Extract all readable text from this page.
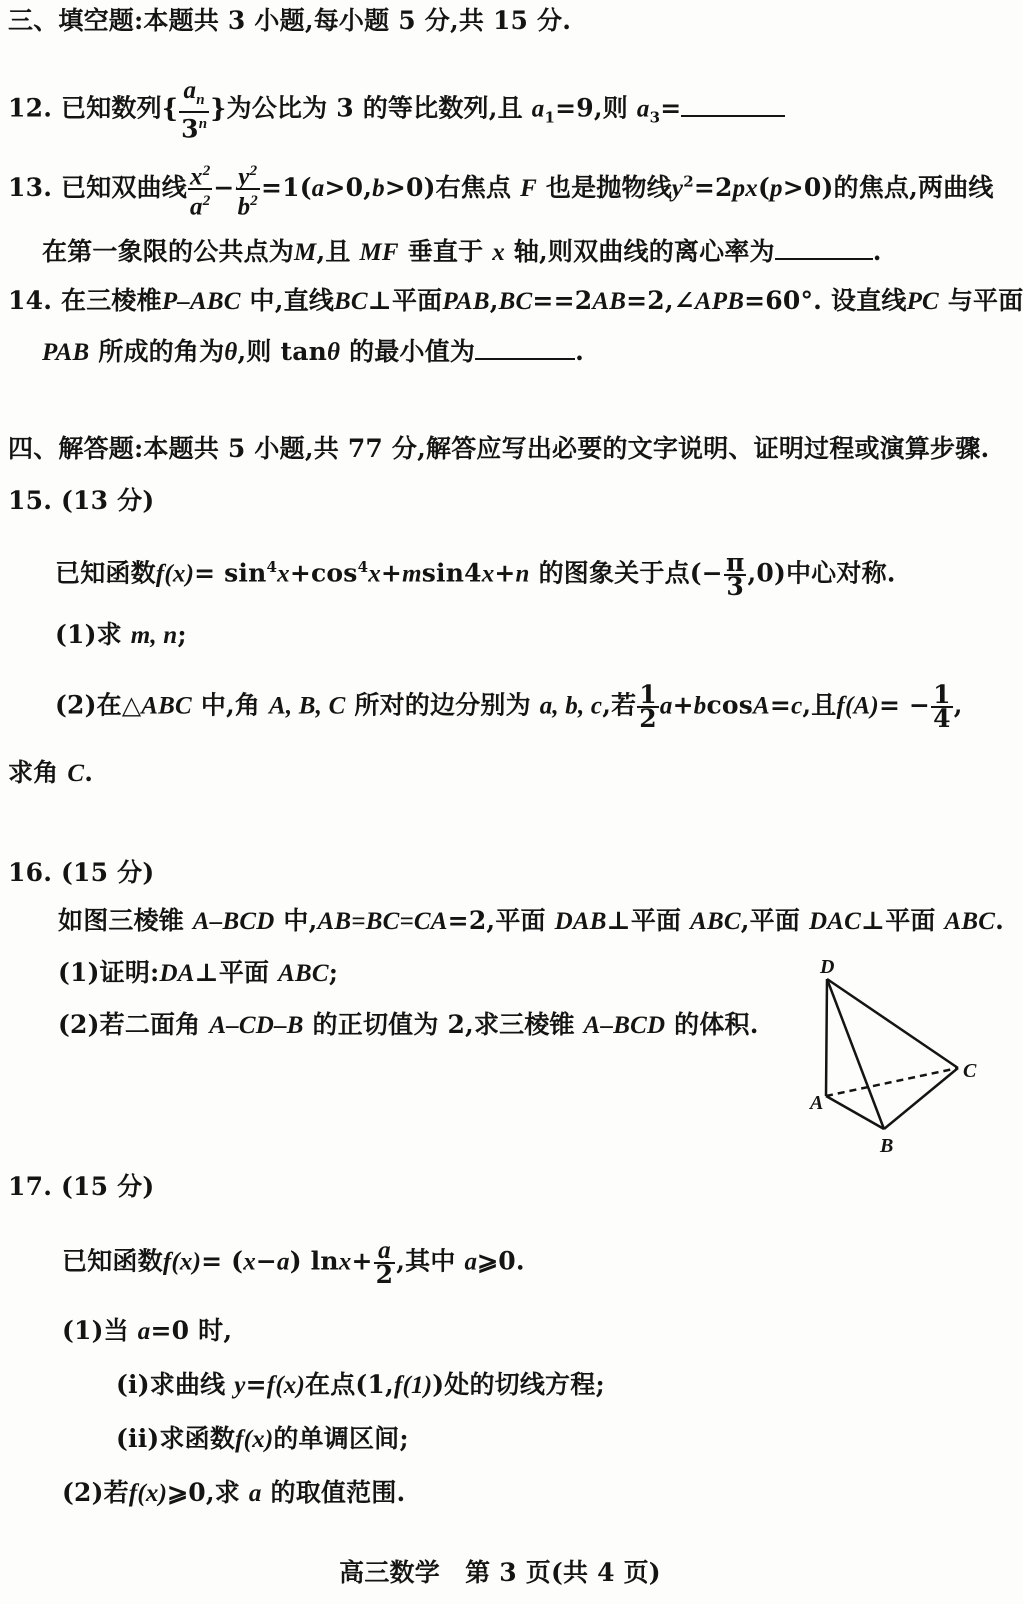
三、填空题:本题共 3 小题,每小题 5 分,共 15 分.
12. 已知数列{ $\frac{a_n}{3^n}$ }为公比为 3 的等比数列,且 $a_1=9$,则 $a_3=$
13. 已知双曲线 $\frac{x^2}{a^2} - \frac{y^2}{b^2} =1(a>0,b>0)$右焦点 F 也是抛物线$y^2=2px(p>0)$的焦点,两曲线
在第一象限的公共点为M,且 MF 垂直于 x 轴,则双曲线的离心率为	.
14. 在三棱椎P–ABC 中,直线BC⊥平面PAB,BC==2AB=2,∠APB=60°. 设直线PC 与平面
PAB 所成的角为θ,则 tanθ 的最小值为	.
四、解答题:本题共 5 小题,共 77 分,解答应写出必要的文字说明、证明过程或演算步骤.
15. (13 分)
已知函数$f(x)= \sin^4x+\cos^4x+msin4x+n$ 的图象关于点(− $\frac{\pi}{3} ,0$)中心对称.
(1)求 m, n;
(2)在△ABC 中,角 A, B, C 所对的边分别为 a, b, c,若 $\frac{1}{2} a+bcosA=c$,且$f(A)= - \frac{1}{4}$ ,
求角 C.
16. (15 分)
如图三棱锥 A–BCD 中,AB=BC=CA=2,平面 DAB⊥平面 ABC,平面 DAC⊥平面 ABC.
(1)证明:DA⊥平面 ABC;
(2)若二面角 A–CD–B 的正切值为 2,求三棱锥 A–BCD 的体积.
D
C
A
B
17. (15 分)
已知函数f(x)= (x−a) $\ln x+ \frac{a}{2}$ ,其中 a⩾0.
(1)当 a=0 时,
(i)求曲线 y=f(x)在点(1,f(1))处的切线方程;
(ii)求函数f(x)的单调区间;
(2)若f(x)⩾0,求 a 的取值范围.
高三数学　第 3 页(共 4 页)
